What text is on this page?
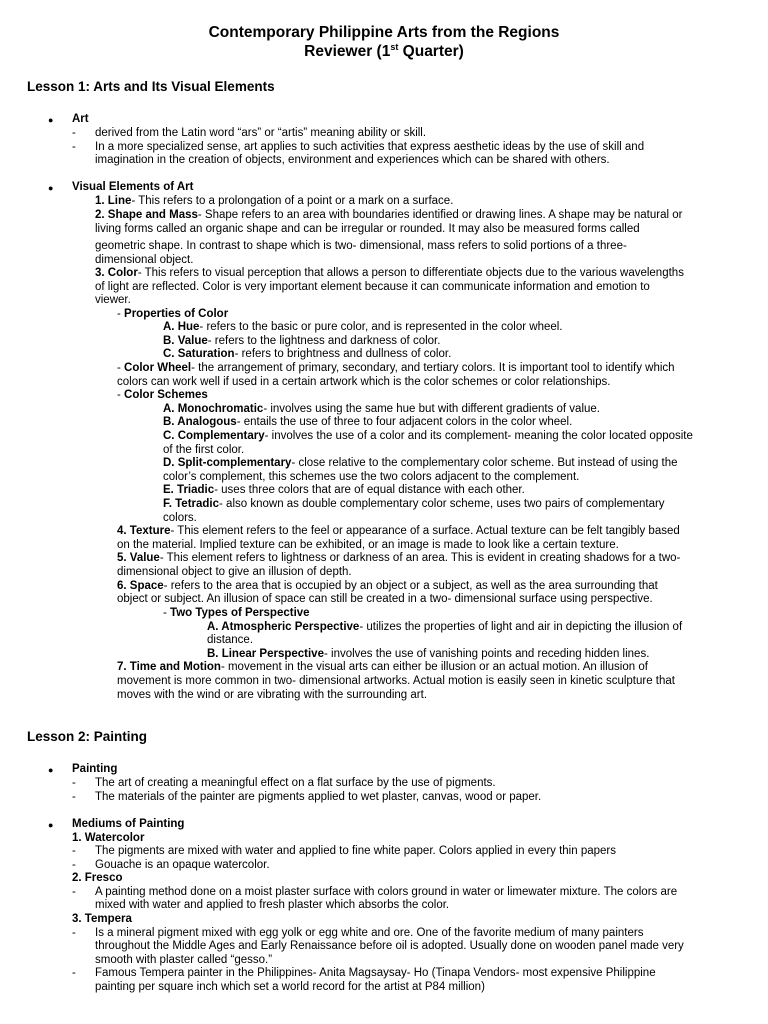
Contemporary Philippine Arts from the Regions
Reviewer (1st Quarter)
Lesson 1: Arts and Its Visual Elements
● Art
- derived from the Latin word “ars” or “artis” meaning ability or skill.
- In a more specialized sense, art applies to such activities that express aesthetic ideas by the use of skill and
imagination in the creation of objects, environment and experiences which can be shared with others.
● Visual Elements of Art
1. Line- This refers to a prolongation of a point or a mark on a surface.
2. Shape and Mass- Shape refers to an area with boundaries identified or drawing lines. A shape may be natural or
living forms called an organic shape and can be irregular or rounded. It may also be measured forms called
geometric shape. In contrast to shape which is two- dimensional, mass refers to solid portions of a three-
dimensional object.
3. Color- This refers to visual perception that allows a person to differentiate objects due to the various wavelengths
of light are reflected. Color is very important element because it can communicate information and emotion to
viewer.
- Properties of Color
A. Hue- refers to the basic or pure color, and is represented in the color wheel.
B. Value- refers to the lightness and darkness of color.
C. Saturation- refers to brightness and dullness of color.
- Color Wheel- the arrangement of primary, secondary, and tertiary colors. It is important tool to identify which
colors can work well if used in a certain artwork which is the color schemes or color relationships.
- Color Schemes
A. Monochromatic- involves using the same hue but with different gradients of value.
B. Analogous- entails the use of three to four adjacent colors in the color wheel.
C. Complementary- involves the use of a color and its complement- meaning the color located opposite
of the first color.
D. Split-complementary- close relative to the complementary color scheme. But instead of using the
color’s complement, this schemes use the two colors adjacent to the complement.
E. Triadic- uses three colors that are of equal distance with each other.
F. Tetradic- also known as double complementary color scheme, uses two pairs of complementary
colors.
4. Texture- This element refers to the feel or appearance of a surface. Actual texture can be felt tangibly based
on the material. Implied texture can be exhibited, or an image is made to look like a certain texture.
5. Value- This element refers to lightness or darkness of an area. This is evident in creating shadows for a two-
dimensional object to give an illusion of depth.
6. Space- refers to the area that is occupied by an object or a subject, as well as the area surrounding that
object or subject. An illusion of space can still be created in a two- dimensional surface using perspective.
- Two Types of Perspective
A. Atmospheric Perspective- utilizes the properties of light and air in depicting the illusion of
distance.
B. Linear Perspective- involves the use of vanishing points and receding hidden lines.
7. Time and Motion- movement in the visual arts can either be illusion or an actual motion. An illusion of
movement is more common in two- dimensional artworks. Actual motion is easily seen in kinetic sculpture that
moves with the wind or are vibrating with the surrounding art.
Lesson 2: Painting
● Painting
- The art of creating a meaningful effect on a flat surface by the use of pigments.
- The materials of the painter are pigments applied to wet plaster, canvas, wood or paper.
● Mediums of Painting
1. Watercolor
- The pigments are mixed with water and applied to fine white paper. Colors applied in every thin papers
- Gouache is an opaque watercolor.
2. Fresco
- A painting method done on a moist plaster surface with colors ground in water or limewater mixture. The colors are
mixed with water and applied to fresh plaster which absorbs the color.
3. Tempera
- Is a mineral pigment mixed with egg yolk or egg white and ore. One of the favorite medium of many painters
throughout the Middle Ages and Early Renaissance before oil is adopted. Usually done on wooden panel made very
smooth with plaster called “gesso.”
- Famous Tempera painter in the Philippines- Anita Magsaysay- Ho (Tinapa Vendors- most expensive Philippine
painting per square inch which set a world record for the artist at P84 million)
